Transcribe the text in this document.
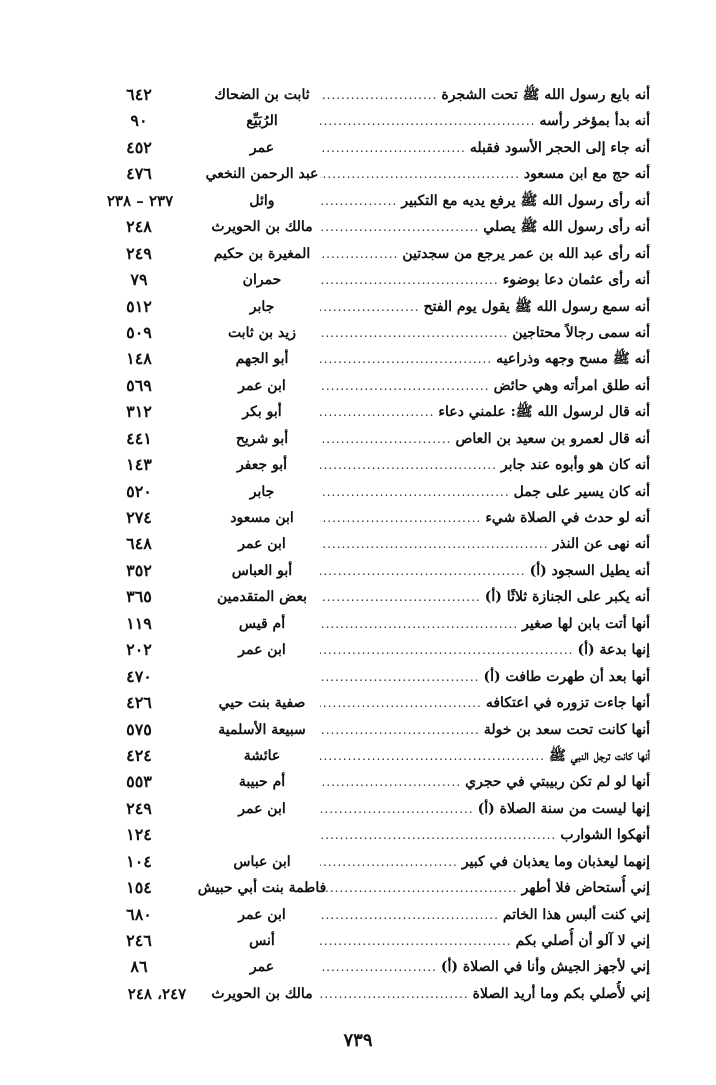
أنه بايع رسول الله ﷺ تحت الشجرة
.....
ثابت بن الضحاك
٦٤٢
أنه بدأ بمؤخر رأسه
.....
الرُبَيِّع
٩٠
أنه جاء إلى الحجر الأسود فقبله
.....
عمر
٤٥٢
أنه حج مع ابن مسعود
.....
عبد الرحمن النخعي
٤٧٦
أنه رأى رسول الله ﷺ يرفع يديه مع التكبير
.....
وائل
٢٣٧ – ٢٣٨
أنه رأى رسول الله ﷺ يصلي
.....
مالك بن الحويرث
٢٤٨
أنه رأى عبد الله بن عمر يرجع من سجدتين
.....
المغيرة بن حكيم
٢٤٩
أنه رأى عثمان دعا بوضوء
.....
حمران
٧٩
أنه سمع رسول الله ﷺ يقول يوم الفتح
.....
جابر
٥١٢
أنه سمى رجالاً محتاجين
.....
زيد بن ثابت
٥٠٩
أنه ﷺ مسح وجهه وذراعيه
.....
أبو الجهم
١٤٨
أنه طلق امرأته وهي حائض
.....
ابن عمر
٥٦٩
أنه قال لرسول الله ﷺ: علمني دعاء
.....
أبو بكر
٣١٢
أنه قال لعمرو بن سعيد بن العاص
.....
أبو شريح
٤٤١
أنه كان هو وأبوه عند جابر
.....
أبو جعفر
١٤٣
أنه كان يسير على جمل
.....
جابر
٥٢٠
أنه لو حدث في الصلاة شيء
.....
ابن مسعود
٢٧٤
أنه نهى عن النذر
.....
ابن عمر
٦٤٨
أنه يطيل السجود (أ)
.....
أبو العباس
٣٥٢
أنه يكبر على الجنازة ثلاثًا (أ)
.....
بعض المتقدمين
٣٦٥
أنها أتت بابن لها صغير
.....
أم قيس
١١٩
إنها بدعة (أ)
.....
ابن عمر
٢٠٢
أنها بعد أن طهرت طافت (أ)
.....
٤٧٠
أنها جاءت تزوره في اعتكافه
.....
صفية بنت حيي
٤٢٦
أنها كانت تحت سعد بن خولة
.....
سبيعة الأسلمية
٥٧٥
أنها كانت ترجل النبي ﷺ
.....
عائشة
٤٢٤
أنها لو لم تكن ربيبتي في حجري
.....
أم حبيبة
٥٥٣
إنها ليست من سنة الصلاة (أ)
.....
ابن عمر
٢٤٩
أنهكوا الشوارب
.....
١٢٤
إنهما ليعذبان وما يعذبان في كبير
.....
ابن عباس
١٠٤
إني أُستحاض فلا أطهر
.....
فاطمة بنت أبي حبيش
١٥٤
إني كنت ألبس هذا الخاتم
.....
ابن عمر
٦٨٠
إني لا آلو أن أُصلي بكم
.....
أنس
٢٤٦
إني لأجهز الجيش وأنا في الصلاة (أ)
.....
عمر
٨٦
إني لأُصلي بكم وما أريد الصلاة
.....
مالك بن الحويرث
٢٤٧، ٢٤٨
٧٣٩
